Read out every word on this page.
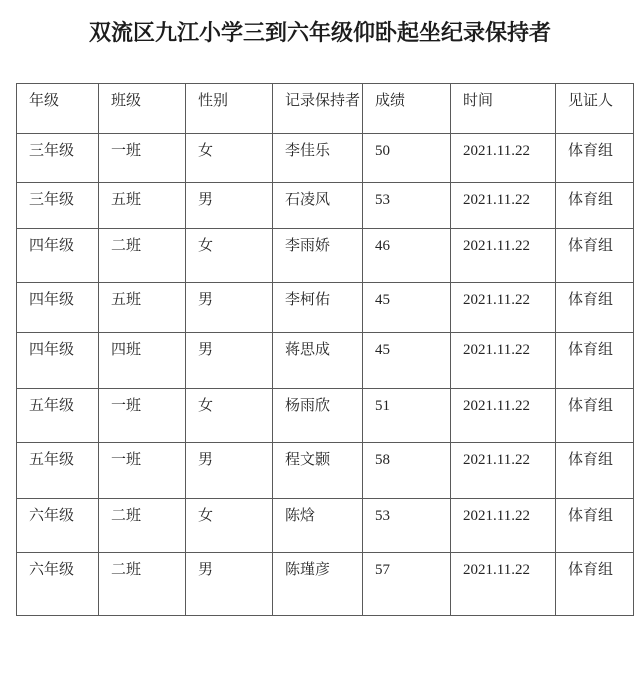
双流区九江小学三到六年级仰卧起坐纪录保持者
年级	班级	性别	记录保持者	成绩	时间	见证人
三年级	一班	女	李佳乐	50	2021.11.22	体育组
三年级	五班	男	石凌风	53	2021.11.22	体育组
四年级	二班	女	李雨娇	46	2021.11.22	体育组
四年级	五班	男	李柯佑	45	2021.11.22	体育组
四年级	四班	男	蒋思成	45	2021.11.22	体育组
五年级	一班	女	杨雨欣	51	2021.11.22	体育组
五年级	一班	男	程文颢	58	2021.11.22	体育组
六年级	二班	女	陈焓	53	2021.11.22	体育组
六年级	二班	男	陈瑾彦	57	2021.11.22	体育组
